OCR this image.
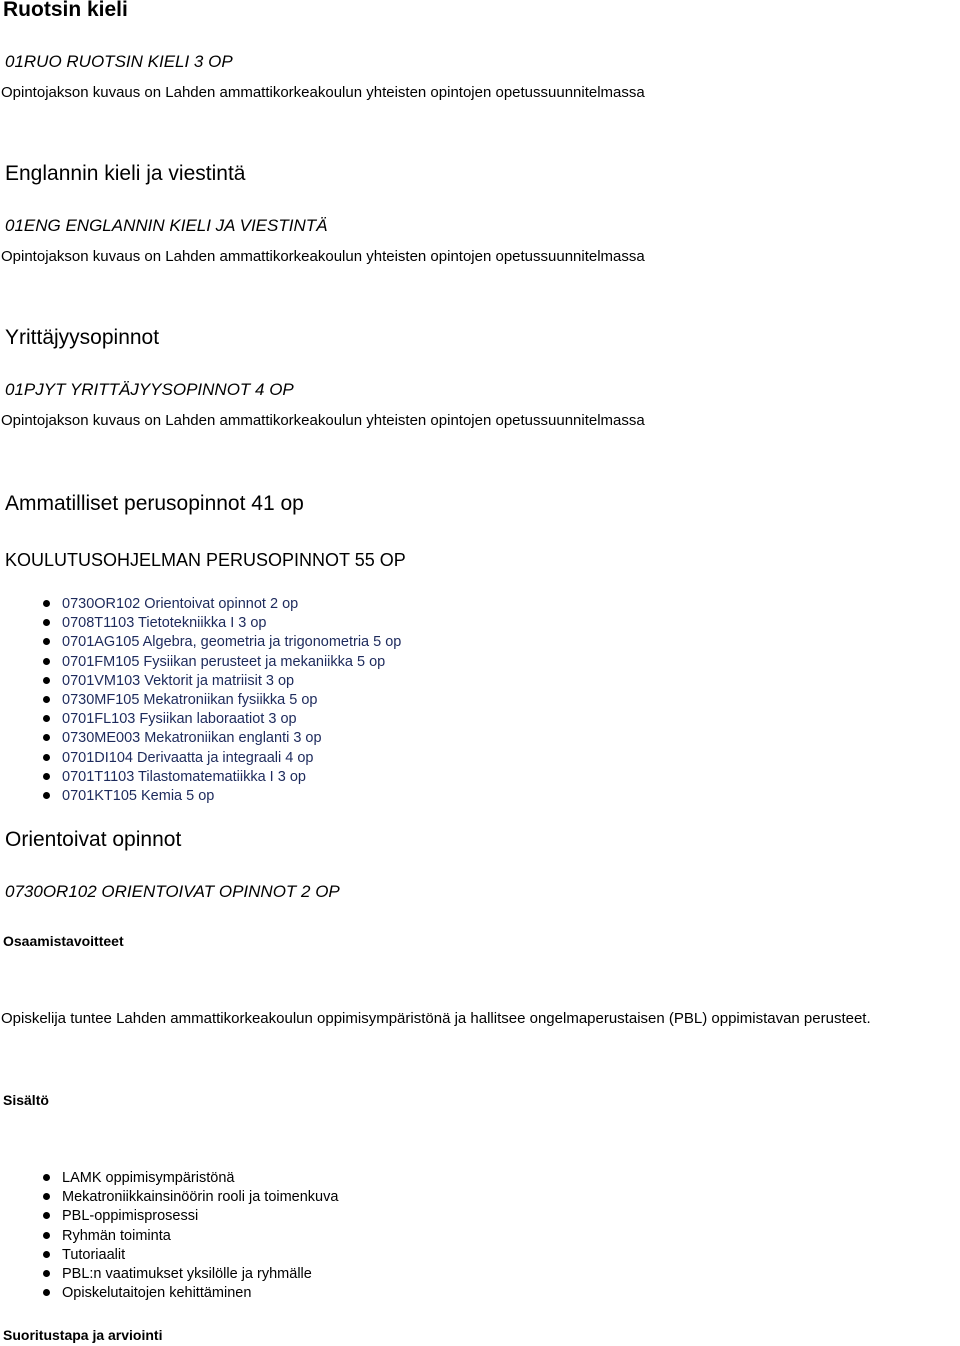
Ruotsin kieli
01RUO RUOTSIN KIELI 3 OP
Opintojakson kuvaus on Lahden ammattikorkeakoulun yhteisten opintojen opetussuunnitelmassa
Englannin kieli ja viestintä
01ENG ENGLANNIN KIELI JA VIESTINTÄ
Opintojakson kuvaus on Lahden ammattikorkeakoulun yhteisten opintojen opetussuunnitelmassa
Yrittäjyysopinnot
01PJYT YRITTÄJYYSOPINNOT 4 OP
Opintojakson kuvaus on Lahden ammattikorkeakoulun yhteisten opintojen opetussuunnitelmassa
Ammatilliset perusopinnot 41 op
KOULUTUSOHJELMAN PERUSOPINNOT 55 OP
0730OR102 Orientoivat opinnot 2 op
0708T1103 Tietotekniikka I 3 op
0701AG105 Algebra, geometria ja trigonometria 5 op
0701FM105 Fysiikan perusteet ja mekaniikka 5 op
0701VM103 Vektorit ja matriisit 3 op
0730MF105 Mekatroniikan fysiikka 5 op
0701FL103 Fysiikan laboraatiot 3 op
0730ME003 Mekatroniikan englanti 3 op
0701DI104 Derivaatta ja integraali 4 op
0701T1103 Tilastomatematiikka I 3 op
0701KT105 Kemia 5 op
Orientoivat opinnot
0730OR102 ORIENTOIVAT OPINNOT 2 OP
Osaamistavoitteet
Opiskelija tuntee Lahden ammattikorkeakoulun oppimisympäristönä ja hallitsee ongelmaperustaisen (PBL) oppimistavan perusteet.
Sisältö
LAMK oppimisympäristönä
Mekatroniikkainsinöörin rooli ja toimenkuva
PBL-oppimisprosessi
Ryhmän toiminta
Tutoriaalit
PBL:n vaatimukset yksilölle ja ryhmälle
Opiskelutaitojen kehittäminen
Suoritustapa ja arviointi
